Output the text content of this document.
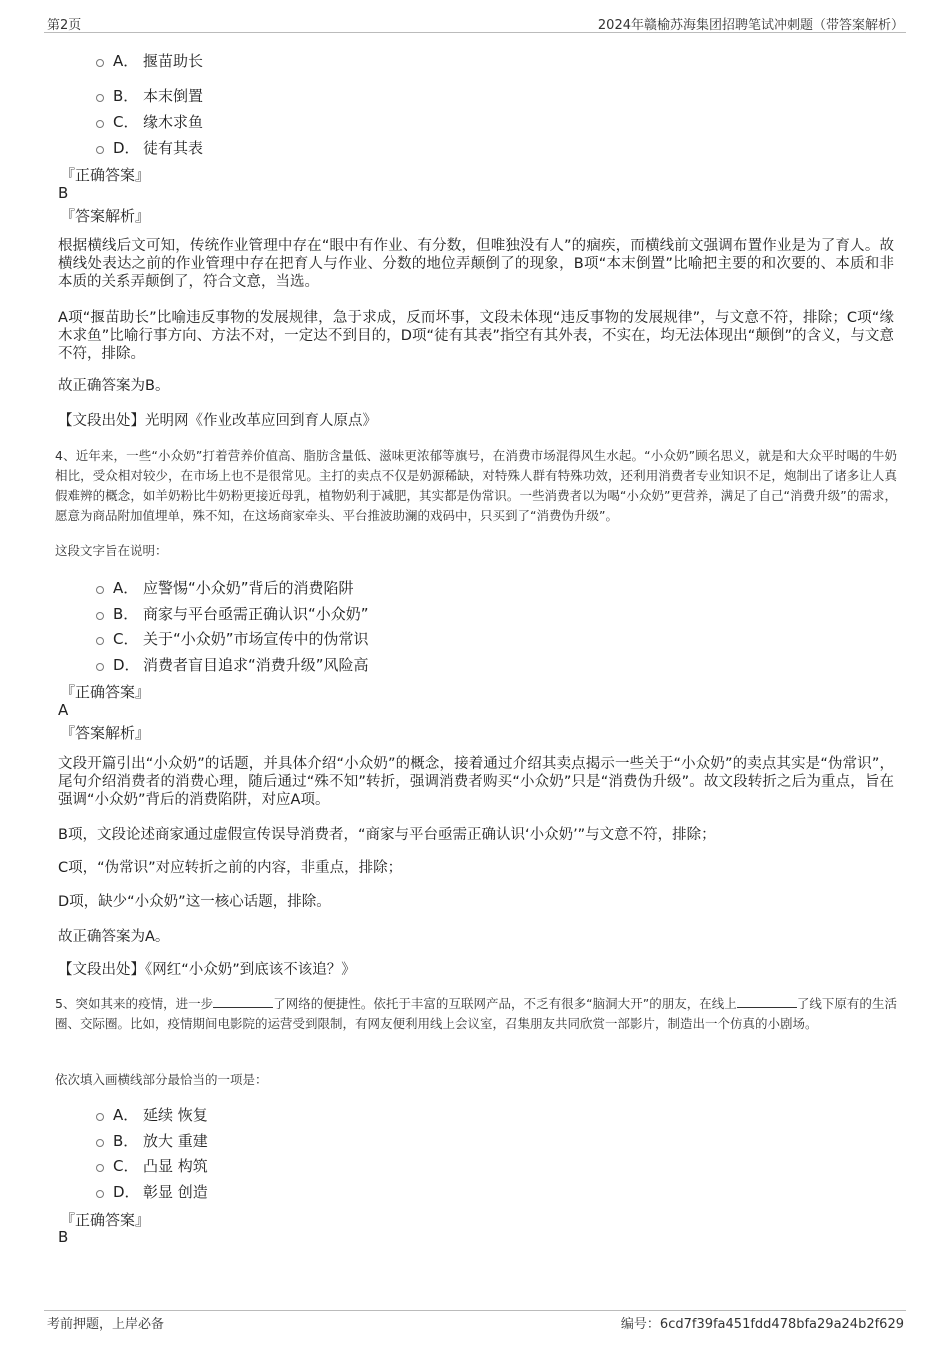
第2页	2024年赣榆苏海集团招聘笔试冲刺题（带答案解析）
A． 揠苗助长
B． 本末倒置
C． 缘木求鱼
D． 徒有其表
『正确答案』
B
『答案解析』
根据横线后文可知，传统作业管理中存在“眼中有作业、有分数，但唯独没有人”的痼疾，而横线前文强调布置作业是为了育人。故横线处表达之前的作业管理中存在把育人与作业、分数的地位弄颠倒了的现象，B项“本末倒置”比喻把主要的和次要的、本质和非本质的关系弄颠倒了，符合文意，当选。
A项“揠苗助长”比喻违反事物的发展规律，急于求成，反而坏事，文段未体现“违反事物的发展规律”，与文意不符，排除；C项“缘木求鱼”比喻行事方向、方法不对，一定达不到目的，D项“徒有其表”指空有其外表，不实在，均无法体现出“颠倒”的含义，与文意不符，排除。
故正确答案为B。
【文段出处】光明网《作业改革应回到育人原点》
4、近年来，一些“小众奶”打着营养价值高、脂肪含量低、滋味更浓郁等旗号，在消费市场混得风生水起。“小众奶”顾名思义，就是和大众平时喝的牛奶相比，受众相对较少，在市场上也不是很常见。主打的卖点不仅是奶源稀缺，对特殊人群有特殊功效，还利用消费者专业知识不足，炮制出了诸多让人真假难辨的概念，如羊奶粉比牛奶粉更接近母乳，植物奶利于减肥，其实都是伪常识。一些消费者以为喝“小众奶”更营养，满足了自己“消费升级”的需求，愿意为商品附加值埋单，殊不知，在这场商家牵头、平台推波助澜的戏码中，只买到了“消费伪升级”。
这段文字旨在说明：
A． 应警惕“小众奶”背后的消费陷阱
B． 商家与平台亟需正确认识“小众奶”
C． 关于“小众奶”市场宣传中的伪常识
D． 消费者盲目追求“消费升级”风险高
『正确答案』
A
『答案解析』
文段开篇引出“小众奶”的话题，并具体介绍“小众奶”的概念，接着通过介绍其卖点揭示一些关于“小众奶”的卖点其实是“伪常识”，尾句介绍消费者的消费心理，随后通过“殊不知”转折，强调消费者购买“小众奶”只是“消费伪升级”。故文段转折之后为重点，旨在强调“小众奶”背后的消费陷阱，对应A项。
B项，文段论述商家通过虚假宣传误导消费者，“商家与平台亟需正确认识‘小众奶’”与文意不符，排除；
C项，“伪常识”对应转折之前的内容，非重点，排除；
D项，缺少“小众奶”这一核心话题，排除。
故正确答案为A。
【文段出处】《网红“小众奶”到底该不该追？》
5、突如其来的疫情，进一步	了网络的便捷性。依托于丰富的互联网产品，不乏有很多“脑洞大开”的朋友，在线上	了线下原有的生活圈、交际圈。比如，疫情期间电影院的运营受到限制，有网友便利用线上会议室，召集朋友共同欣赏一部影片，制造出一个仿真的小剧场。
依次填入画横线部分最恰当的一项是：
A． 延续 恢复
B． 放大 重建
C． 凸显 构筑
D． 彰显 创造
『正确答案』
B
考前押题，上岸必备	编号：6cd7f39fa451fdd478bfa29a24b2f629
